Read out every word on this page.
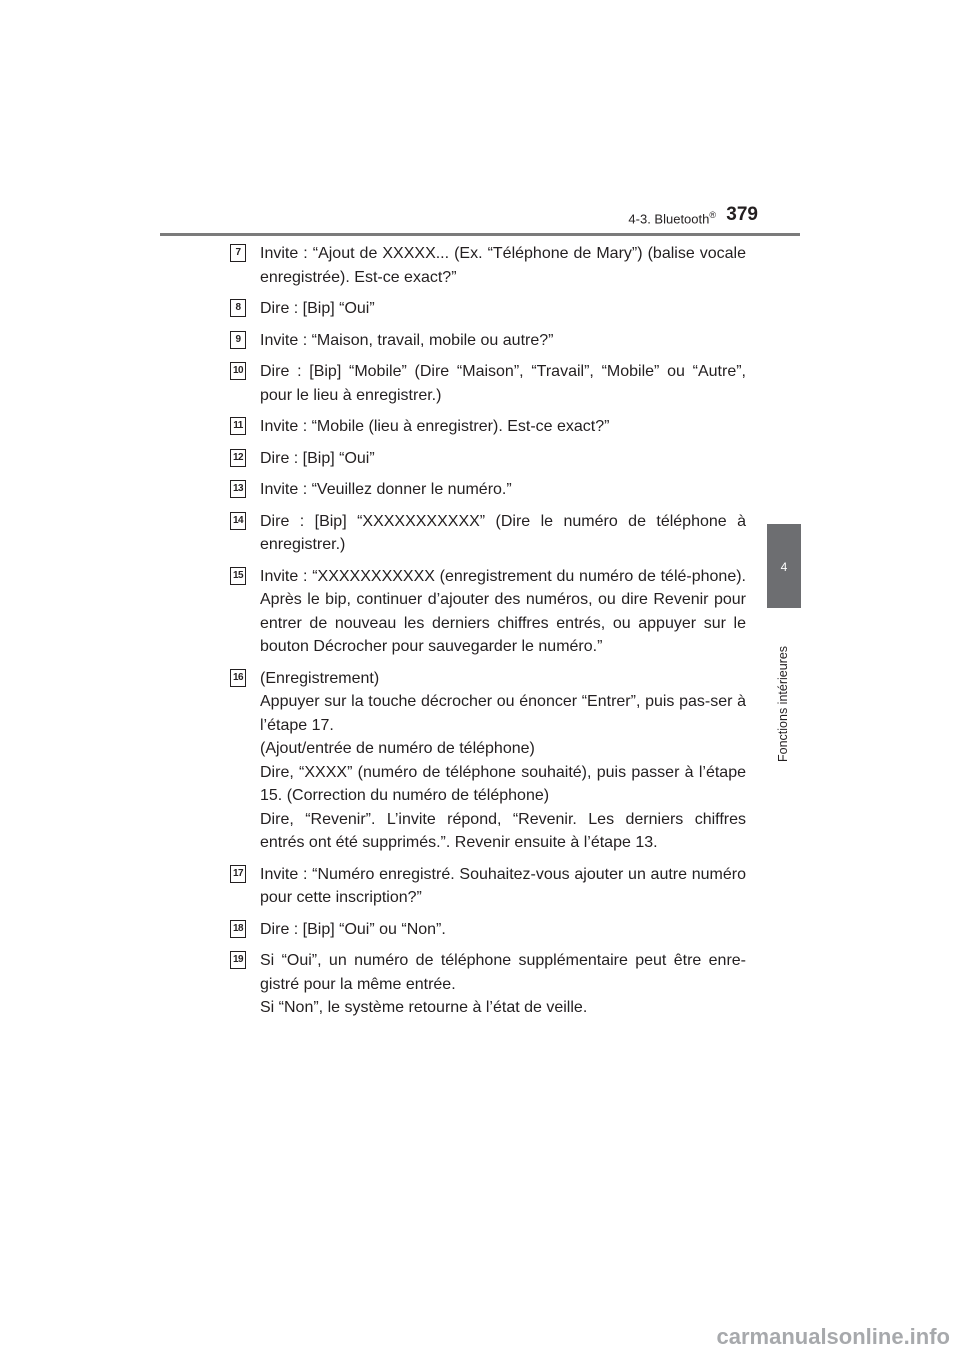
4-3. Bluetooth® 379
4
Fonctions intérieures
7	Invite : “Ajout de XXXXX... (Ex. “Téléphone de Mary”) (balise vocale enregistrée). Est-ce exact?”
8	Dire : [Bip] “Oui”
9	Invite : “Maison, travail, mobile ou autre?”
10 Dire : [Bip] “Mobile” (Dire “Maison”, “Travail”, “Mobile” ou “Autre”, pour le lieu à enregistrer.)
11 Invite : “Mobile (lieu à enregistrer). Est-ce exact?”
12 Dire : [Bip] “Oui”
13 Invite : “Veuillez donner le numéro.”
14 Dire : [Bip] “XXXXXXXXXXX” (Dire le numéro de téléphone à enregistrer.)
15 Invite : “XXXXXXXXXXX (enregistrement du numéro de télé-phone). Après le bip, continuer d’ajouter des numéros, ou dire Revenir pour entrer de nouveau les derniers chiffres entrés, ou appuyer sur le bouton Décrocher pour sauvegarder le numéro.”
16 (Enregistrement)
Appuyer sur la touche décrocher ou énoncer “Entrer”, puis pas-ser à l’étape 17.
(Ajout/entrée de numéro de téléphone)
Dire, “XXXX” (numéro de téléphone souhaité), puis passer à l’étape 15. (Correction du numéro de téléphone)
Dire, “Revenir”. L’invite répond, “Revenir. Les derniers chiffres entrés ont été supprimés.”. Revenir ensuite à l’étape 13.
17 Invite : “Numéro enregistré. Souhaitez-vous ajouter un autre numéro pour cette inscription?”
18 Dire : [Bip] “Oui” ou “Non”.
19 Si “Oui”, un numéro de téléphone supplémentaire peut être enre-gistré pour la même entrée.
Si “Non”, le système retourne à l’état de veille.
carmanualsonline.info
